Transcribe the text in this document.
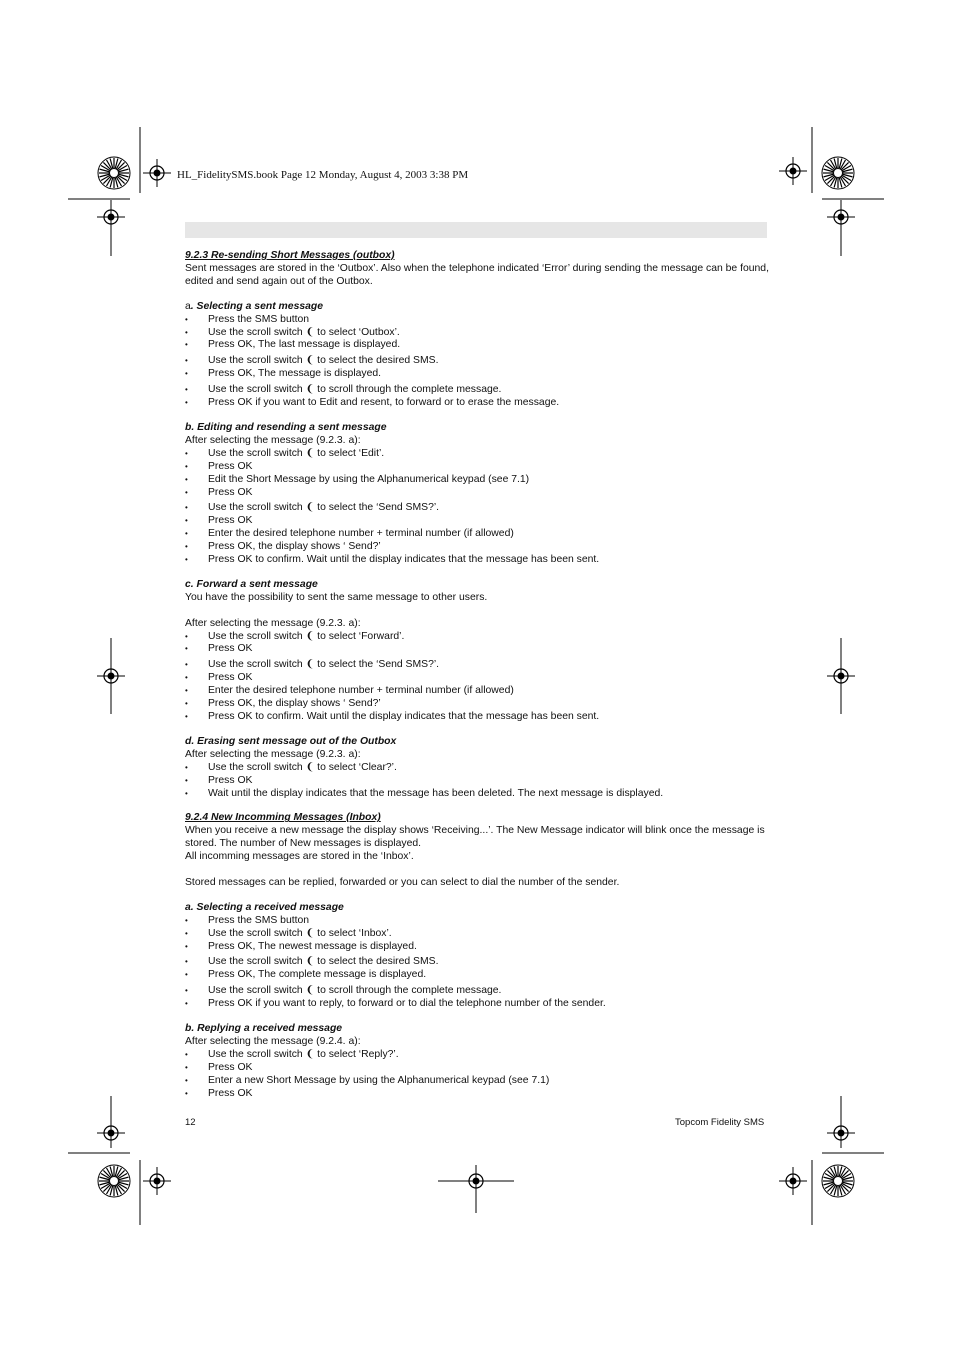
HL_FidelitySMS.book Page 12 Monday, August 4, 2003 3:38 PM

9.2.3 Re-sending Short Messages (outbox)

Sent messages are stored in the ‘Outbox’. Also when the telephone indicated ‘Error’ during sending the message can be found, edited and send again out of the Outbox.

a. Selecting a sent message

• Press the SMS button
• Use the scroll switch ❨ to select ‘Outbox’.
• Press OK, The last message is displayed.
• Use the scroll switch ❨ to select the desired SMS.
• Press OK, The message is displayed.
• Use the scroll switch ❨ to scroll through the complete message.
• Press OK if you want to Edit and resent, to forward or to erase the message.

b. Editing and resending a sent message

After selecting the message (9.2.3. a):

• Use the scroll switch ❨ to select ‘Edit’.
• Press OK
• Edit the Short Message by using the Alphanumerical keypad (see 7.1)
• Press OK
• Use the scroll switch ❨ to select the ‘Send SMS?’.
• Press OK
• Enter the desired telephone number + terminal number (if allowed)
• Press OK, the display shows ‘ Send?’
• Press OK to confirm. Wait until the display indicates that the message has been sent.

c. Forward a sent message

You have the possibility to sent the same message to other users.

After selecting the message (9.2.3. a):

• Use the scroll switch ❨ to select ‘Forward’.
• Press OK
• Use the scroll switch ❨ to select the ‘Send SMS?’.
• Press OK
• Enter the desired telephone number + terminal number (if allowed)
• Press OK, the display shows ‘ Send?’
• Press OK to confirm. Wait until the display indicates that the message has been sent.

d. Erasing sent message out of the Outbox

After selecting the message (9.2.3. a):

• Use the scroll switch ❨ to select ‘Clear?’.
• Press OK
• Wait until the display indicates that the message has been deleted. The next message is displayed.

9.2.4 New Incomming Messages (Inbox)

When you receive a new message the display shows ‘Receiving...’. The New Message indicator will blink once the message is stored. The number of New messages is displayed.

All incomming messages are stored in the ‘Inbox’.

Stored messages can be replied, forwarded or you can select to dial the number of the sender.

a. Selecting a received message

• Press the SMS button
• Use the scroll switch ❨ to select ‘Inbox’.
• Press OK, The newest message is displayed.
• Use the scroll switch ❨ to select the desired SMS.
• Press OK, The complete message is displayed.
• Use the scroll switch ❨ to scroll through the complete message.
• Press OK if you want to reply, to forward or to dial the telephone number of the sender.

b. Replying a received message

After selecting the message (9.2.4. a):

• Use the scroll switch ❨ to select ‘Reply?’.
• Press OK
• Enter a new Short Message by using the Alphanumerical keypad (see 7.1)
• Press OK
12	Topcom Fidelity SMS
